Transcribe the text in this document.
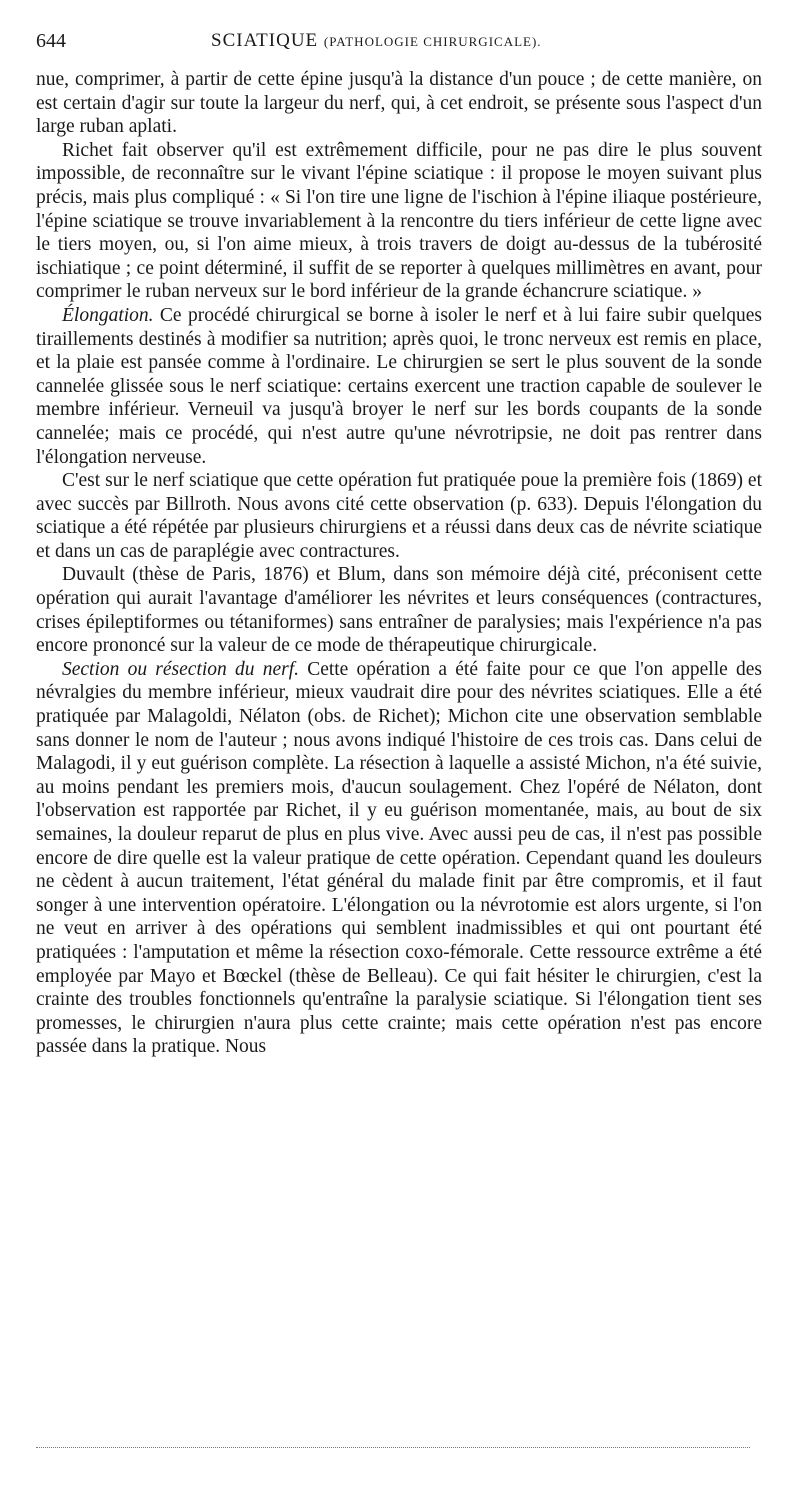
644	SCIATIQUE (PATHOLOGIE CHIRURGICALE).

nue, comprimer, à partir de cette épine jusqu'à la distance d'un pouce ; de cette manière, on est certain d'agir sur toute la largeur du nerf, qui, à cet endroit, se présente sous l'aspect d'un large ruban aplati.

Richet fait observer qu'il est extrêmement difficile, pour ne pas dire le plus souvent impossible, de reconnaître sur le vivant l'épine sciatique : il propose le moyen suivant plus précis, mais plus compliqué : « Si l'on tire une ligne de l'ischion à l'épine iliaque postérieure, l'épine sciatique se trouve invariablement à la rencontre du tiers inférieur de cette ligne avec le tiers moyen, ou, si l'on aime mieux, à trois travers de doigt au-dessus de la tubérosité ischiatique ; ce point déterminé, il suffit de se reporter à quelques millimètres en avant, pour comprimer le ruban nerveux sur le bord inférieur de la grande échancrure sciatique. »

Élongation. Ce procédé chirurgical se borne à isoler le nerf et à lui faire subir quelques tiraillements destinés à modifier sa nutrition; après quoi, le tronc nerveux est remis en place, et la plaie est pansée comme à l'ordinaire. Le chirurgien se sert le plus souvent de la sonde cannelée glissée sous le nerf sciatique: certains exercent une traction capable de soulever le membre inférieur. Verneuil va jusqu'à broyer le nerf sur les bords coupants de la sonde cannelée; mais ce procédé, qui n'est autre qu'une névrotripsie, ne doit pas rentrer dans l'élongation nerveuse.

C'est sur le nerf sciatique que cette opération fut pratiquée poue la première fois (1869) et avec succès par Billroth. Nous avons cité cette observation (p. 633). Depuis l'élongation du sciatique a été répétée par plusieurs chirurgiens et a réussi dans deux cas de névrite sciatique et dans un cas de paraplégie avec contractures.

Duvault (thèse de Paris, 1876) et Blum, dans son mémoire déjà cité, préconisent cette opération qui aurait l'avantage d'améliorer les névrites et leurs conséquences (contractures, crises épileptiformes ou tétaniformes) sans entraîner de paralysies; mais l'expérience n'a pas encore prononcé sur la valeur de ce mode de thérapeutique chirurgicale.

Section ou résection du nerf. Cette opération a été faite pour ce que l'on appelle des névralgies du membre inférieur, mieux vaudrait dire pour des névrites sciatiques. Elle a été pratiquée par Malagoldi, Nélaton (obs. de Richet); Michon cite une observation semblable sans donner le nom de l'auteur ; nous avons indiqué l'histoire de ces trois cas. Dans celui de Malagodi, il y eut guérison complète. La résection à laquelle a assisté Michon, n'a été suivie, au moins pendant les premiers mois, d'aucun soulagement. Chez l'opéré de Nélaton, dont l'observation est rapportée par Richet, il y eu guérison momentanée, mais, au bout de six semaines, la douleur reparut de plus en plus vive. Avec aussi peu de cas, il n'est pas possible encore de dire quelle est la valeur pratique de cette opération. Cependant quand les douleurs ne cèdent à aucun traitement, l'état général du malade finit par être compromis, et il faut songer à une intervention opératoire. L'élongation ou la névrotomie est alors urgente, si l'on ne veut en arriver à des opérations qui semblent inadmissibles et qui ont pourtant été pratiquées : l'amputation et même la résection coxo-fémorale. Cette ressource extrême a été employée par Mayo et Bœckel (thèse de Belleau). Ce qui fait hésiter le chirurgien, c'est la crainte des troubles fonctionnels qu'entraîne la paralysie sciatique. Si l'élongation tient ses promesses, le chirurgien n'aura plus cette crainte; mais cette opération n'est pas encore passée dans la pratique. Nous
